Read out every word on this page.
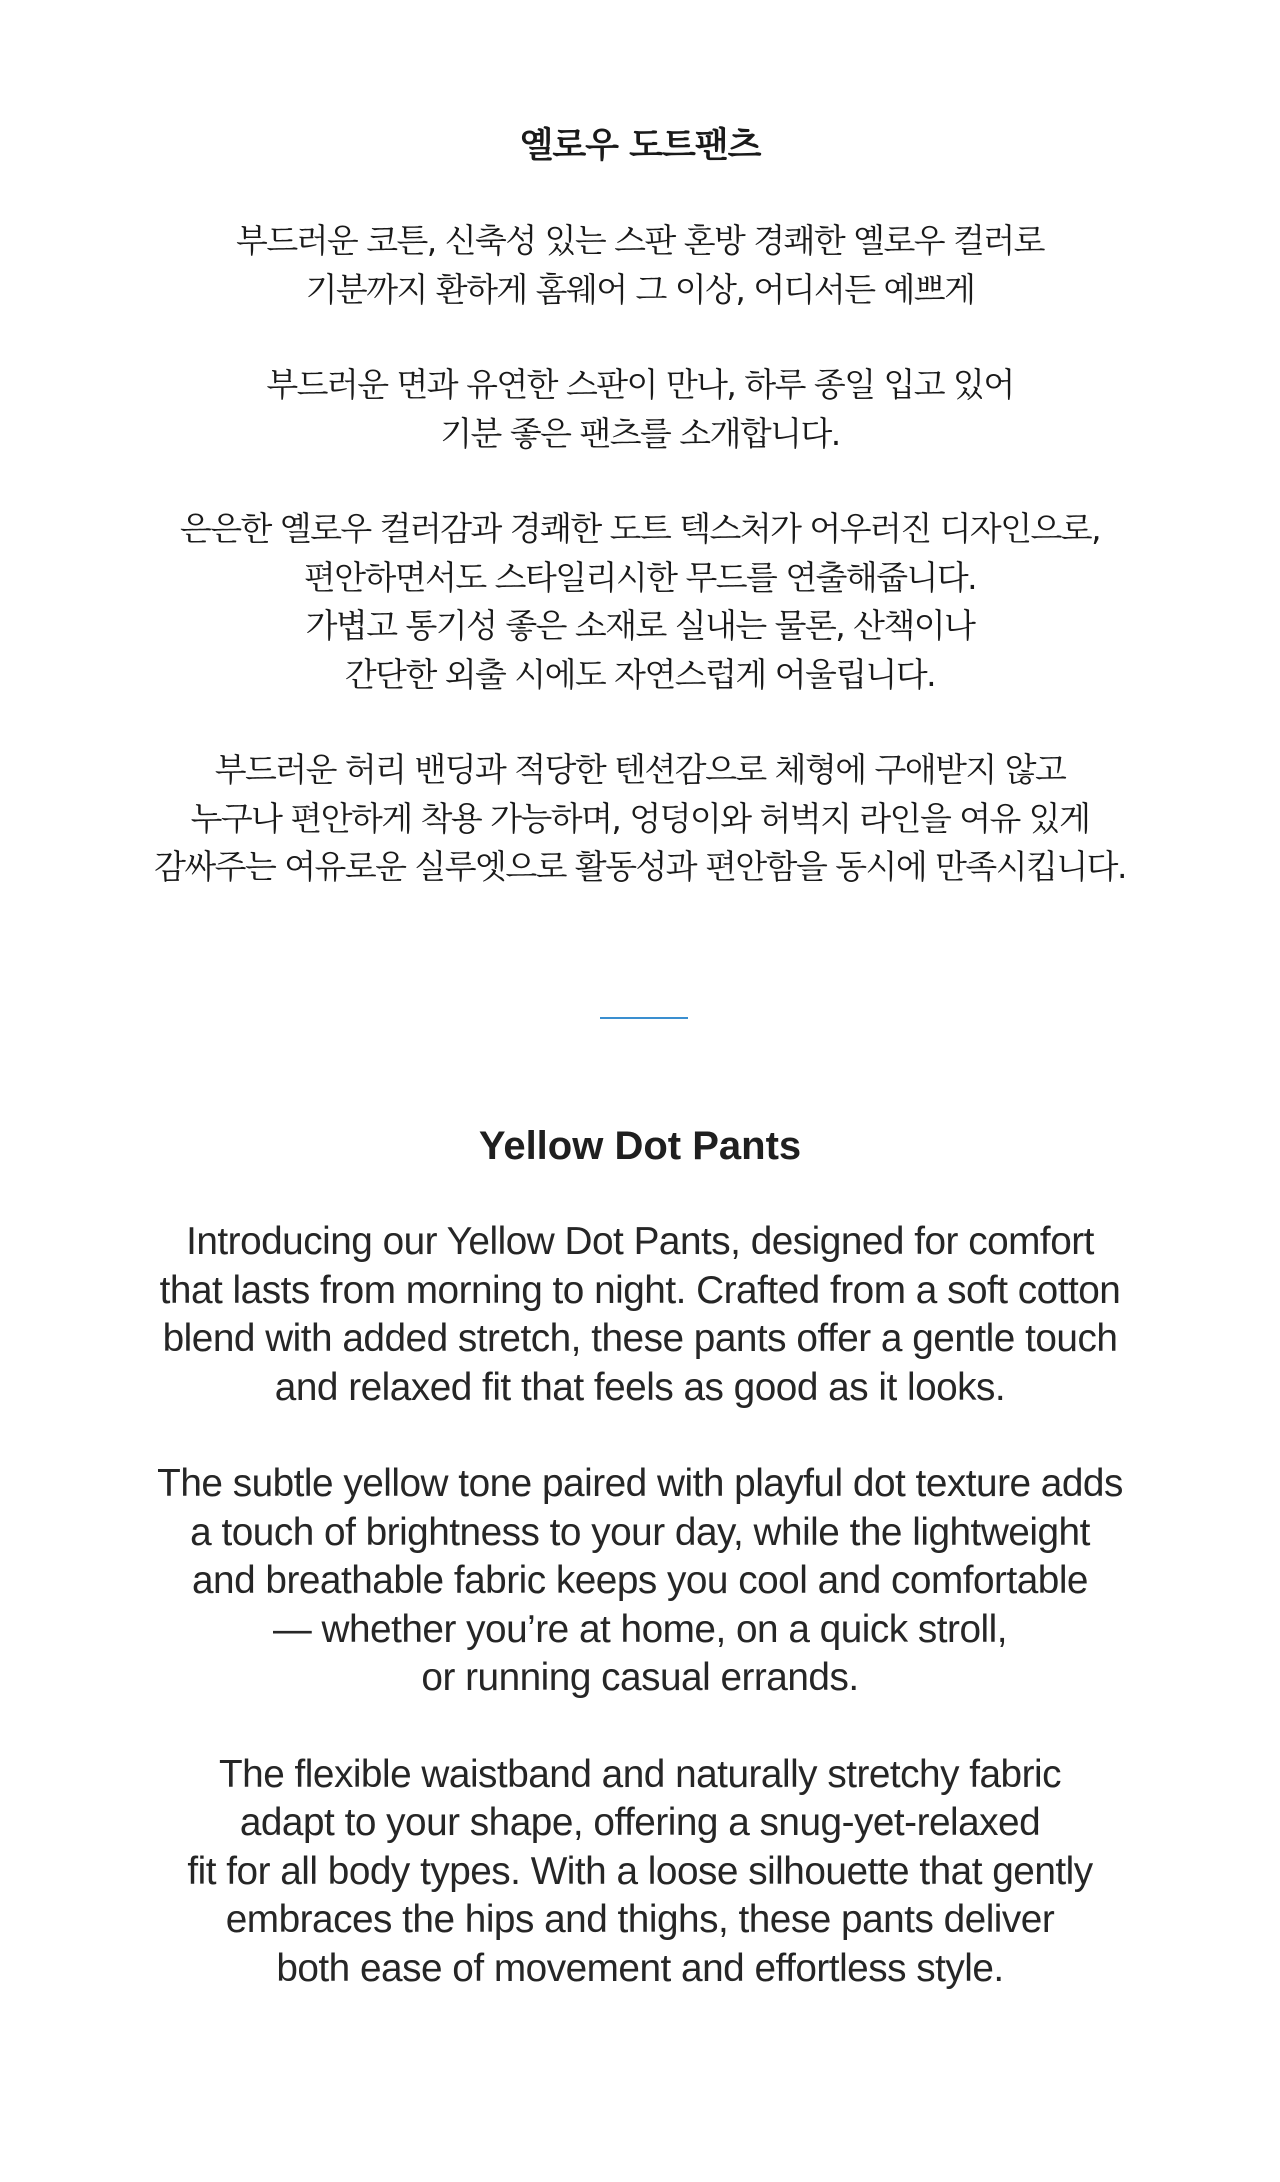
옐로우 도트팬츠

부드러운 코튼, 신축성 있는 스판 혼방 경쾌한 옐로우 컬러로
기분까지 환하게 홈웨어 그 이상, 어디서든 예쁘게

부드러운 면과 유연한 스판이 만나, 하루 종일 입고 있어
기분 좋은 팬츠를 소개합니다.

은은한 옐로우 컬러감과 경쾌한 도트 텍스처가 어우러진 디자인으로,
편안하면서도 스타일리시한 무드를 연출해줍니다.
가볍고 통기성 좋은 소재로 실내는 물론, 산책이나
간단한 외출 시에도 자연스럽게 어울립니다.

부드러운 허리 밴딩과 적당한 텐션감으로 체형에 구애받지 않고
누구나 편안하게 착용 가능하며, 엉덩이와 허벅지 라인을 여유 있게
감싸주는 여유로운 실루엣으로 활동성과 편안함을 동시에 만족시킵니다.

Yellow Dot Pants

Introducing our Yellow Dot Pants, designed for comfort
that lasts from morning to night. Crafted from a soft cotton
blend with added stretch, these pants offer a gentle touch
and relaxed fit that feels as good as it looks.

The subtle yellow tone paired with playful dot texture adds
a touch of brightness to your day, while the lightweight
and breathable fabric keeps you cool and comfortable
— whether you’re at home, on a quick stroll,
or running casual errands.

The flexible waistband and naturally stretchy fabric
adapt to your shape, offering a snug-yet-relaxed
fit for all body types. With a loose silhouette that gently
embraces the hips and thighs, these pants deliver
both ease of movement and effortless style.
